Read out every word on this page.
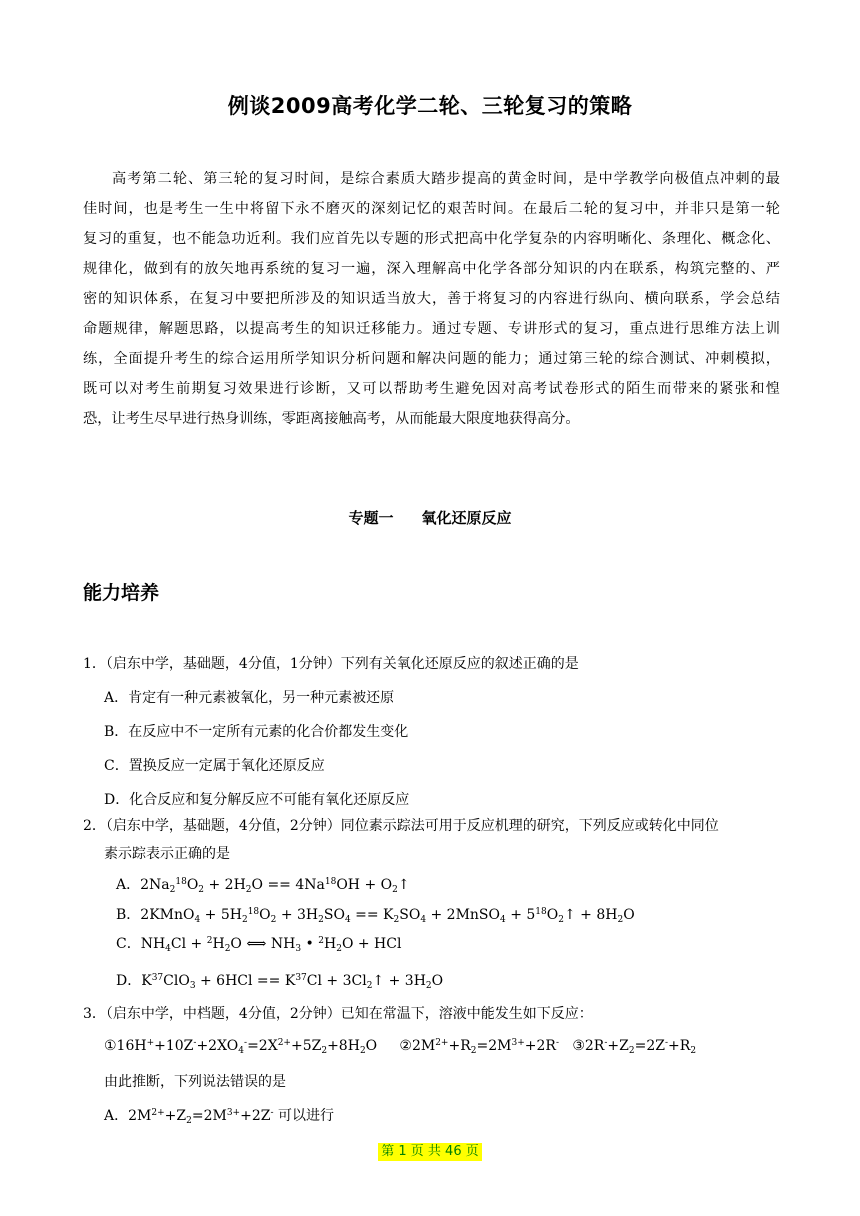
例谈2009高考化学二轮、三轮复习的策略
高考第二轮、第三轮的复习时间，是综合素质大踏步提高的黄金时间，是中学教学向极值点冲刺的最
佳时间，也是考生一生中将留下永不磨灭的深刻记忆的艰苦时间。在最后二轮的复习中，并非只是第一轮
复习的重复，也不能急功近利。我们应首先以专题的形式把高中化学复杂的内容明晰化、条理化、概念化、
规律化，做到有的放矢地再系统的复习一遍，深入理解高中化学各部分知识的内在联系，构筑完整的、严
密的知识体系，在复习中要把所涉及的知识适当放大，善于将复习的内容进行纵向、横向联系，学会总结
命题规律，解题思路，以提高考生的知识迁移能力。通过专题、专讲形式的复习，重点进行思维方法上训
练，全面提升考生的综合运用所学知识分析问题和解决问题的能力；通过第三轮的综合测试、冲刺模拟，
既可以对考生前期复习效果进行诊断，又可以帮助考生避免因对高考试卷形式的陌生而带来的紧张和惶
恐，让考生尽早进行热身训练，零距离接触高考，从而能最大限度地获得高分。
专题一 氧化还原反应
能力培养
1．（启东中学，基础题，4分值，1分钟）下列有关氧化还原反应的叙述正确的是
A．肯定有一种元素被氧化，另一种元素被还原
B．在反应中不一定所有元素的化合价都发生变化
C．置换反应一定属于氧化还原反应
D．化合反应和复分解反应不可能有氧化还原反应
2．（启东中学，基础题，4分值，2分钟）同位素示踪法可用于反应机理的研究，下列反应或转化中同位
素示踪表示正确的是
A．$2Na_2^{18}O_2 + 2H_2O == 4Na^{18}OH$ + $O_2↑$
B．2KMnO$_4$ + $5H_2^{18}O_2 + 3H_2SO_4 == K_2SO_4$ + 2MnSO$_4$ + $5^{18}O_2↑ + 8H_2O$
C．$NH_4Cl + ^2H_2O$ ⟺ $NH_3$ • $^2H_2O$ + HCl
D．$K^{37}ClO_3 + 6HCl == K^{37}Cl$ + $3Cl_2↑ + 3H_2O$
3．（启东中学，中档题，4分值，2分钟）已知在常温下，溶液中能发生如下反应：
$①16H^++10Z^-+2XO_4^-=2X^{2+}+5Z_2+8H_2O$     $②2M^{2+}+R_2=2M^{3+}+2R^-$   $③2R^-+Z_2=2Z^-+R_2$
由此推断，下列说法错误的是
A．$2M^{2+}+Z_2=2M^{3+}+2Z^-$ 可以进行
第 1 页 共 46 页
